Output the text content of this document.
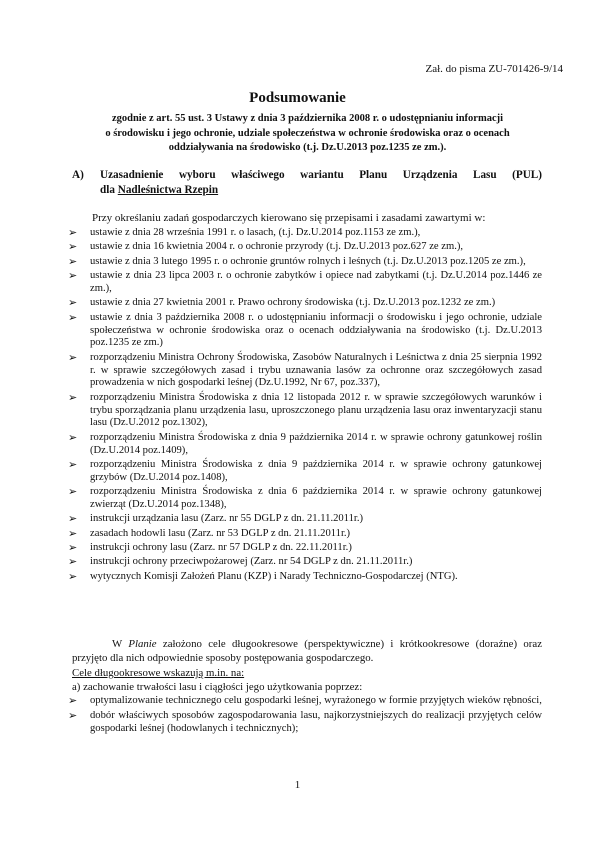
Zał. do pisma ZU-701426-9/14
Podsumowanie
zgodnie z art. 55 ust. 3 Ustawy z dnia 3 października 2008 r. o udostępnianiu informacji
o środowisku i jego ochronie, udziale społeczeństwa w ochronie środowiska oraz o ocenach
oddziaływania na środowisko (t.j. Dz.U.2013 poz.1235 ze zm.).
A) Uzasadnienie wyboru właściwego wariantu Planu Urządzenia Lasu (PUL)
dla Nadleśnictwa Rzepin
Przy określaniu zadań gospodarczych kierowano się przepisami i zasadami zawartymi w:
➢ ustawie z dnia 28 września 1991 r. o lasach, (t.j. Dz.U.2014 poz.1153 ze zm.),
➢ ustawie z dnia 16 kwietnia 2004 r. o ochronie przyrody (t.j. Dz.U.2013 poz.627 ze zm.),
➢ ustawie z dnia 3 lutego 1995 r. o ochronie gruntów rolnych i leśnych (t.j. Dz.U.2013 poz.1205 ze zm.),
➢ ustawie z dnia 23 lipca 2003 r. o ochronie zabytków i opiece nad zabytkami (t.j. Dz.U.2014 poz.1446 ze zm.),
➢ ustawie z dnia 27 kwietnia 2001 r. Prawo ochrony środowiska (t.j. Dz.U.2013 poz.1232 ze zm.)
➢ ustawie z dnia 3 października 2008 r. o udostępnianiu informacji o środowisku i jego ochronie, udziale społeczeństwa w ochronie środowiska oraz o ocenach oddziaływania na środowisko (t.j. Dz.U.2013 poz.1235 ze zm.)
➢ rozporządzeniu Ministra Ochrony Środowiska, Zasobów Naturalnych i Leśnictwa z dnia 25 sierpnia 1992 r. w sprawie szczegółowych zasad i trybu uznawania lasów za ochronne oraz szczegółowych zasad prowadzenia w nich gospodarki leśnej (Dz.U.1992, Nr 67, poz.337),
➢ rozporządzeniu Ministra Środowiska z dnia 12 listopada 2012 r. w sprawie szczegółowych warunków i trybu sporządzania planu urządzenia lasu, uproszczonego planu urządzenia lasu oraz inwentaryzacji stanu lasu (Dz.U.2012 poz.1302),
➢ rozporządzeniu Ministra Środowiska z dnia 9 października 2014 r. w sprawie ochrony gatunkowej roślin (Dz.U.2014 poz.1409),
➢ rozporządzeniu Ministra Środowiska z dnia 9 października 2014 r. w sprawie ochrony gatunkowej grzybów (Dz.U.2014 poz.1408),
➢ rozporządzeniu Ministra Środowiska z dnia 6 października 2014 r. w sprawie ochrony gatunkowej zwierząt (Dz.U.2014 poz.1348),
➢ instrukcji urządzania lasu (Zarz. nr 55 DGLP z dn. 21.11.2011r.)
➢ zasadach hodowli lasu (Zarz. nr 53 DGLP z dn. 21.11.2011r.)
➢ instrukcji ochrony lasu (Zarz. nr 57 DGLP z dn. 22.11.2011r.)
➢ instrukcji ochrony przeciwpożarowej (Zarz. nr 54 DGLP z dn. 21.11.2011r.)
➢ wytycznych Komisji Założeń Planu (KZP) i Narady Techniczno-Gospodarczej (NTG).
W Planie założono cele długookresowe (perspektywiczne) i krótkookresowe (doraźne) oraz przyjęto dla nich odpowiednie sposoby postępowania gospodarczego.
Cele długookresowe wskazują m.in. na:
a) zachowanie trwałości lasu i ciągłości jego użytkowania poprzez:
➢ optymalizowanie technicznego celu gospodarki leśnej, wyrażonego w formie przyjętych wieków rębności,
➢ dobór właściwych sposobów zagospodarowania lasu, najkorzystniejszych do realizacji przyjętych celów gospodarki leśnej (hodowlanych i technicznych);
1
